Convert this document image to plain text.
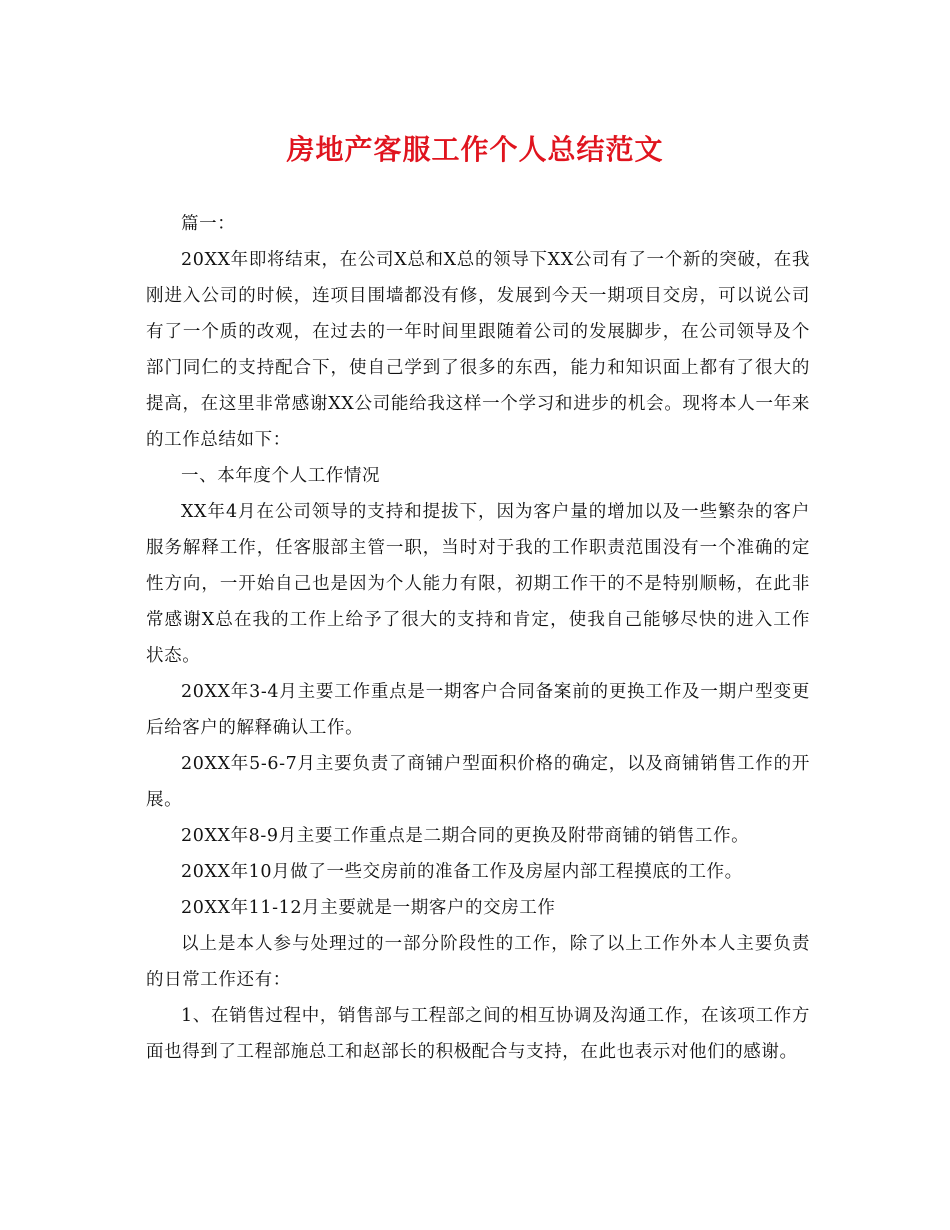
房地产客服工作个人总结范文

篇一：

20XX年即将结束，在公司X总和X总的领导下XX公司有了一个新的突破，在我刚进入公司的时候，连项目围墙都没有修，发展到今天一期项目交房，可以说公司有了一个质的改观，在过去的一年时间里跟随着公司的发展脚步，在公司领导及个部门同仁的支持配合下，使自己学到了很多的东西，能力和知识面上都有了很大的提高，在这里非常感谢XX公司能给我这样一个学习和进步的机会。现将本人一年来的工作总结如下：

一、本年度个人工作情况

XX年4月在公司领导的支持和提拔下，因为客户量的增加以及一些繁杂的客户服务解释工作，任客服部主管一职，当时对于我的工作职责范围没有一个准确的定性方向，一开始自己也是因为个人能力有限，初期工作干的不是特别顺畅，在此非常感谢X总在我的工作上给予了很大的支持和肯定，使我自己能够尽快的进入工作状态。

20XX年3-4月主要工作重点是一期客户合同备案前的更换工作及一期户型变更后给客户的解释确认工作。

20XX年5-6-7月主要负责了商铺户型面积价格的确定，以及商铺销售工作的开展。

20XX年8-9月主要工作重点是二期合同的更换及附带商铺的销售工作。

20XX年10月做了一些交房前的准备工作及房屋内部工程摸底的工作。

20XX年11-12月主要就是一期客户的交房工作

以上是本人参与处理过的一部分阶段性的工作，除了以上工作外本人主要负责的日常工作还有：

1、在销售过程中，销售部与工程部之间的相互协调及沟通工作，在该项工作方面也得到了工程部施总工和赵部长的积极配合与支持，在此也表示对他们的感谢。
